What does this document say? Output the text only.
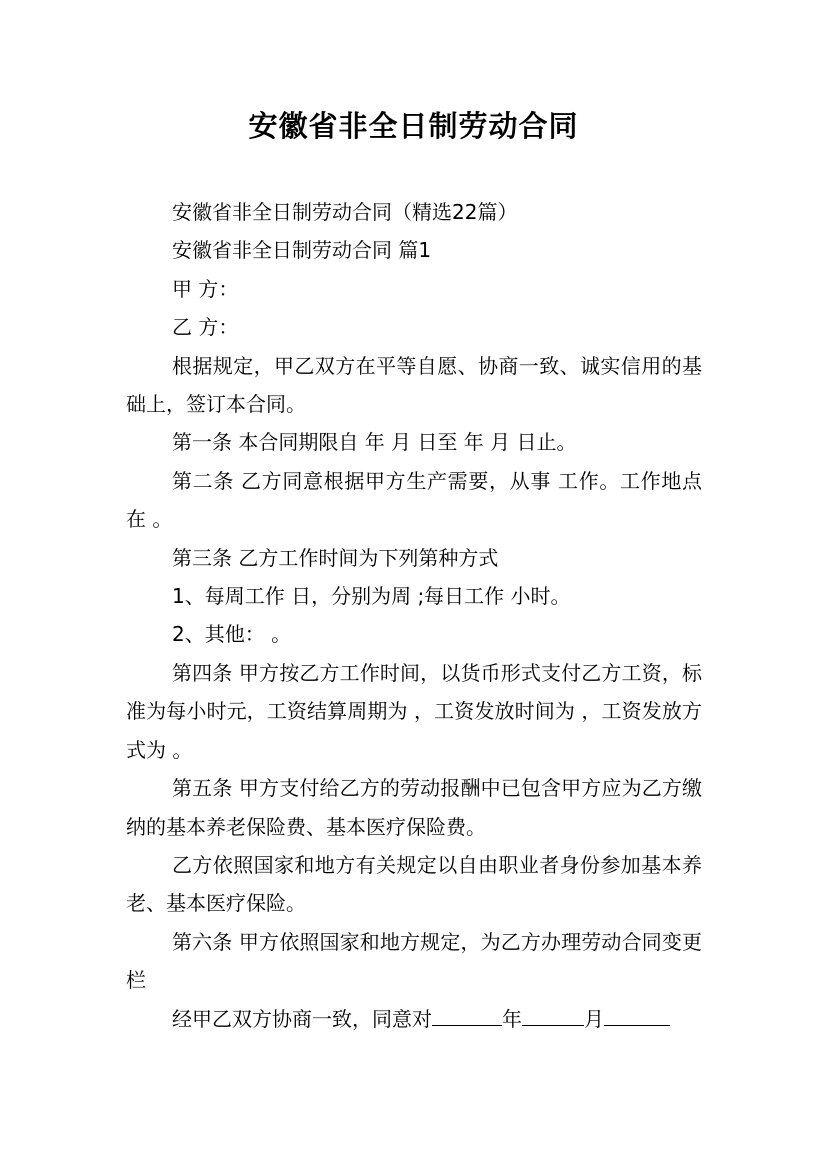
安徽省非全日制劳动合同

安徽省非全日制劳动合同（精选22篇）

安徽省非全日制劳动合同 篇1

甲 方：

乙 方：

根据规定，甲乙双方在平等自愿、协商一致、诚实信用的基础上，签订本合同。

第一条 本合同期限自 年 月 日至 年 月 日止。

第二条 乙方同意根据甲方生产需要，从事 工作。工作地点在 。

第三条 乙方工作时间为下列第种方式

1、每周工作 日，分别为周 ;每日工作 小时。

2、其他： 。

第四条 甲方按乙方工作时间，以货币形式支付乙方工资，标准为每小时元，工资结算周期为 ，工资发放时间为 ，工资发放方式为 。

第五条 甲方支付给乙方的劳动报酬中已包含甲方应为乙方缴纳的基本养老保险费、基本医疗保险费。

乙方依照国家和地方有关规定以自由职业者身份参加基本养老、基本医疗保险。

第六条 甲方依照国家和地方规定，为乙方办理劳动合同变更栏

经甲乙双方协商一致，同意对	年	月
